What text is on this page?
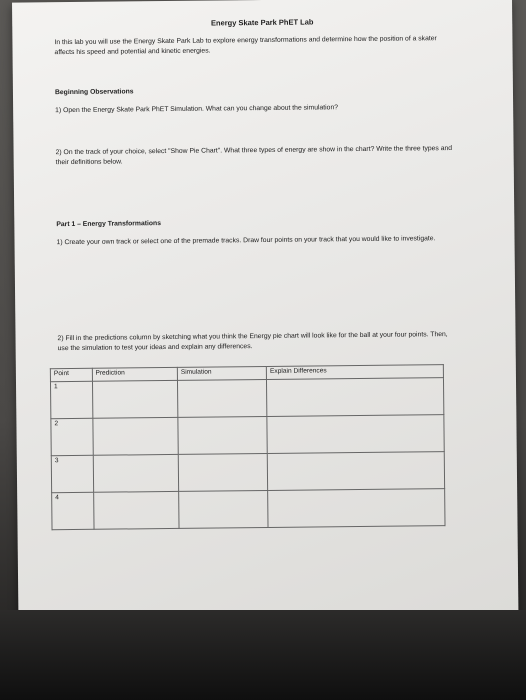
Energy Skate Park PhET Lab
In this lab you will use the Energy Skate Park Lab to explore energy transformations and determine how the position of a skater affects his speed and potential and kinetic energies.
Beginning Observations
1) Open the Energy Skate Park PhET Simulation. What can you change about the simulation?
2) On the track of your choice, select "Show Pie Chart". What three types of energy are show in the chart? Write the three types and their definitions below.
Part 1 – Energy Transformations
1) Create your own track or select one of the premade tracks. Draw four points on your track that you would like to investigate.
2) Fill in the predictions column by sketching what you think the Energy pie chart will look like for the ball at your four points. Then, use the simulation to test your ideas and explain any differences.
Point	Prediction	Simulation	Explain Differences
1			
2			
3			
4			
